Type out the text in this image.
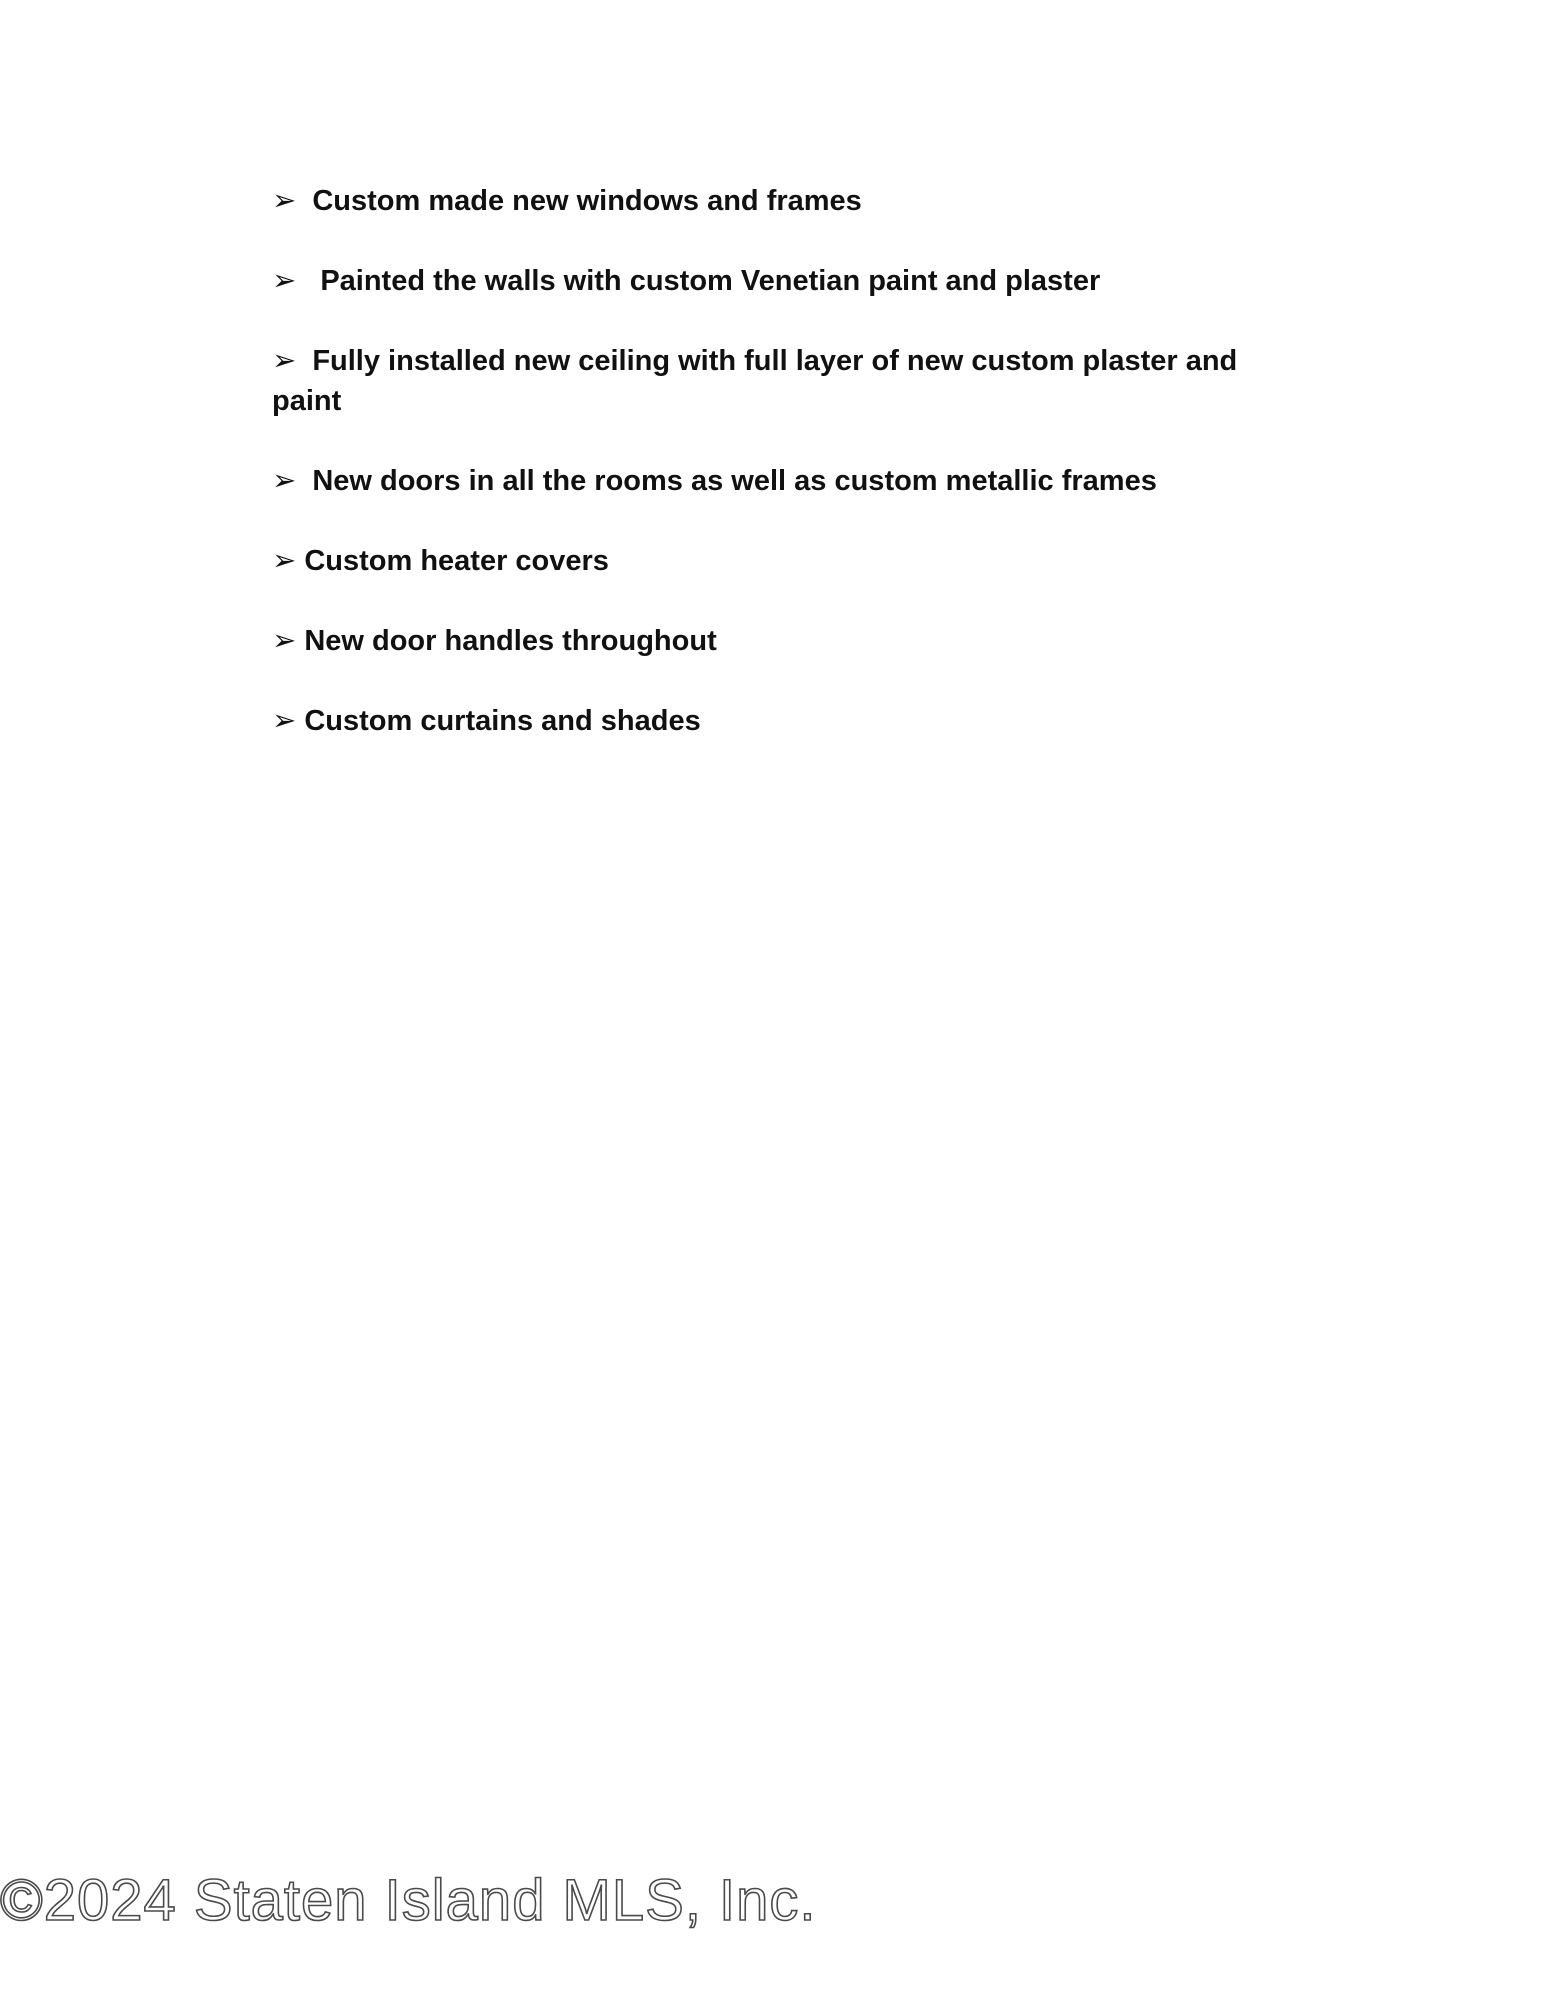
➢ Custom made new windows and frames
➢ Painted the walls with custom Venetian paint and plaster
➢ Fully installed new ceiling with full layer of new custom plaster and paint
➢ New doors in all the rooms as well as custom metallic frames
➢ Custom heater covers
➢ New door handles throughout
➢ Custom curtains and shades
©2024 Staten Island MLS, Inc.
